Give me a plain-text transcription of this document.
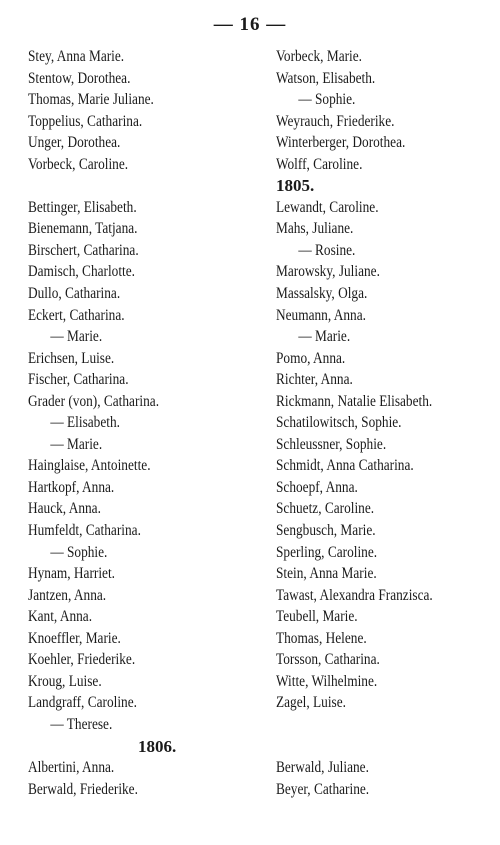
— 16 —
Stey, Anna Marie.
Stentow, Dorothea.
Thomas, Marie Juliane.
Toppelius, Catharina.
Unger, Dorothea.
Vorbeck, Caroline.
Bettinger, Elisabeth.
Bienemann, Tatjana.
Birschert, Catharina.
Damisch, Charlotte.
Dullo, Catharina.
Eckert, Catharina.
— Marie.
Erichsen, Luise.
Fischer, Catharina.
Grader (von), Catharina.
— Elisabeth.
— Marie.
Hainglaise, Antoinette.
Hartkopf, Anna.
Hauck, Anna.
Humfeldt, Catharina.
— Sophie.
Hynam, Harriet.
Jantzen, Anna.
Kant, Anna.
Knoeffler, Marie.
Koehler, Friederike.
Kroug, Luise.
Landgraff, Caroline.
— Therese.
1806.
Albertini, Anna.
Berwald, Friederike.
Vorbeck, Marie.
Watson, Elisabeth.
— Sophie.
Weyrauch, Friederike.
Winterberger, Dorothea.
Wolff, Caroline.
1805.
Lewandt, Caroline.
Mahs, Juliane.
— Rosine.
Marowsky, Juliane.
Massalsky, Olga.
Neumann, Anna.
— Marie.
Pomo, Anna.
Richter, Anna.
Rickmann, Natalie Elisabeth.
Schatilowitsch, Sophie.
Schleussner, Sophie.
Schmidt, Anna Catharina.
Schoepf, Anna.
Schuetz, Caroline.
Sengbusch, Marie.
Sperling, Caroline.
Stein, Anna Marie.
Tawast, Alexandra Franzisca.
Teubell, Marie.
Thomas, Helene.
Torsson, Catharina.
Witte, Wilhelmine.
Zagel, Luise.
Berwald, Juliane.
Beyer, Catharine.
